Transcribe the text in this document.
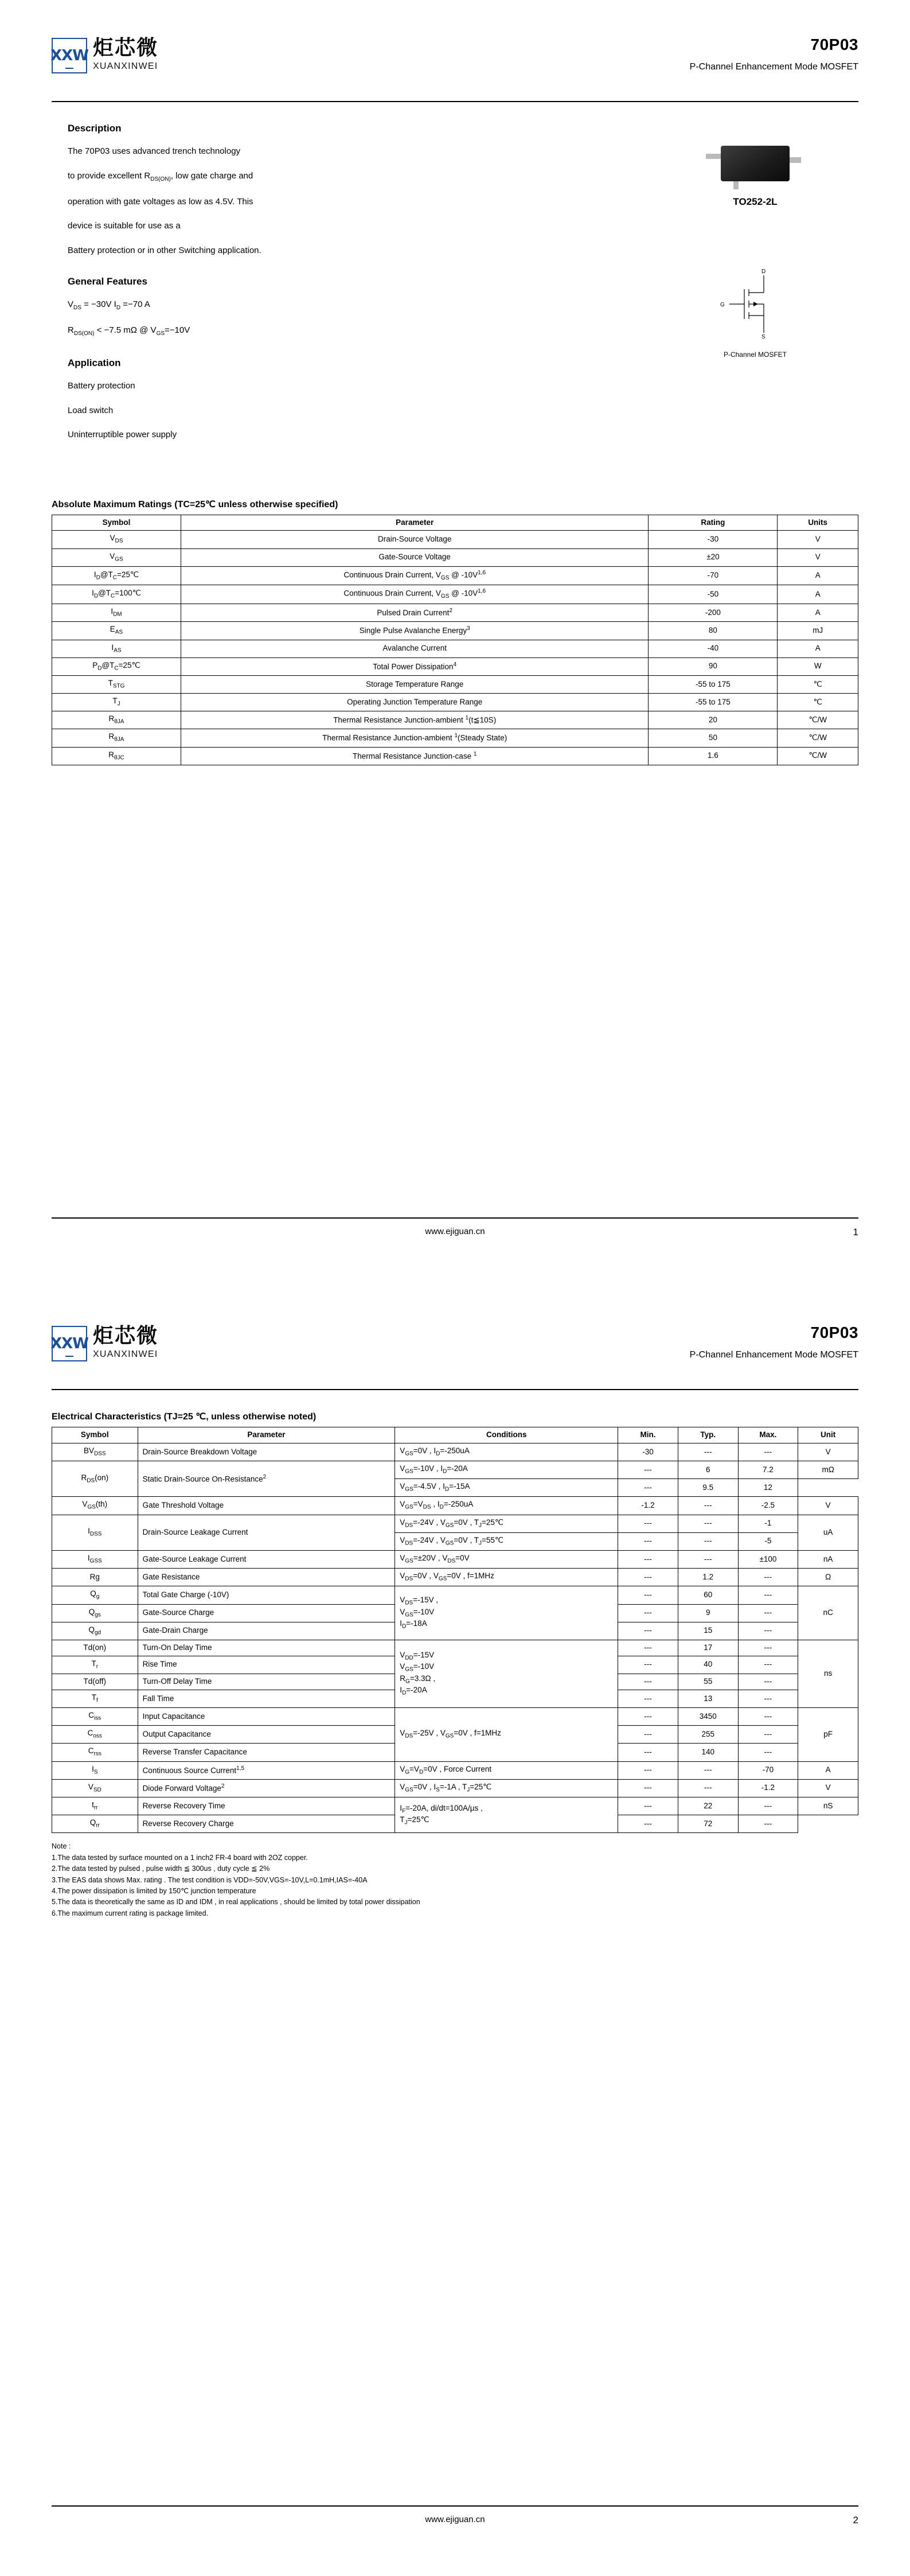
XXW 炬芯微
XUANXINWEI
70P03
P-Channel Enhancement Mode MOSFET
TO252-2L
D
G
S
P-Channel MOSFET
Description

The 70P03 uses advanced trench technology

to provide excellent $R_{DS(ON)}$, low gate charge and

operation with gate voltages as low as 4.5V. This

device is suitable for use as a

Battery protection or in other Switching application.

General Features

$V_{DS} = -30V$ $I_D =-70$ A

$R_{DS(ON)} < -7.5$ mΩ @ $V_{GS}=-10V$

Application

Battery protection

Load switch

Uninterruptible power supply

Absolute Maximum Ratings (TC=25℃ unless otherwise specified)
Symbol	Parameter	Rating	Units
$V_{DS}$	Drain-Source Voltage	-30	V
$V_{GS}$	Gate-Source Voltage	±20	V
$I_D@T_C=25℃$	Continuous Drain Current, $V_{GS}$ @ $-10V^{1,6}$	-70	A
$I_D@T_C=100℃$	Continuous Drain Current, $V_{GS}$ @ $-10V^{1,6}$	-50	A
$I_{DM}$	Pulsed Drain Current$^2$	-200	A
$E_{AS}$	Single Pulse Avalanche Energy$^3$	80	mJ
$I_{AS}$	Avalanche Current	-40	A
$P_D@T_C=25℃$	Total Power Dissipation$^4$	90	W
$T_{STG}$	Storage Temperature Range	-55 to 175	℃
$T_J$	Operating Junction Temperature Range	-55 to 175	℃
$R_{\theta JA}$	Thermal Resistance Junction-ambient $^1$(t≦10S)	20	℃/W
$R_{\theta JA}$	Thermal Resistance Junction-ambient $^1$(Steady State)	50	℃/W
$R_{\theta JC}$	Thermal Resistance Junction-case $^1$	1.6	℃/W
www.ejiguan.cn	1
XXW 炬芯微
XUANXINWEI
70P03
P-Channel Enhancement Mode MOSFET
Electrical Characteristics (TJ=25 ℃, unless otherwise noted)
Symbol	Parameter	Conditions	Min.	Typ.	Max.	Unit
$BV_{DSS}$	Drain-Source Breakdown Voltage	$V_{GS}=0V$ , $I_D=-250uA$	-30	---	---	V
$R_{DS}(on)$	Static Drain-Source On-Resistance$^2$	$V_{GS}=-10V$ , $I_D=-20A$	---	6	7.2	mΩ
		$V_{GS}=-4.5V$ , $I_D=-15A$	---	9.5	12	
$V_{GS}(th)$	Gate Threshold Voltage	$V_{GS}=V_{DS}$ , $I_D=-250uA$	-1.2	---	-2.5	V
$I_{DSS}$	Drain-Source Leakage Current	$V_{DS}=-24V$ , $V_{GS}=0V$ , $T_J=25℃$	---	---	-1	uA
		$V_{DS}=-24V$ , $V_{GS}=0V$ , $T_J=55℃$	---	---	-5	
$I_{GSS}$	Gate-Source Leakage Current	$V_{GS}=\pm 20V$ , $V_{DS}=0V$	---	---	±100	nA
Rg	Gate Resistance	$V_{DS}=0V$ , $V_{GS}=0V$ , f=1MHz	---	1.2	---	Ω
$Q_g$	Total Gate Charge (-10V)	$V_{DS}=-15V$ ,
$V_{GS}=-10V$
$I_D=-18A$	---	60	---	nC
$Q_{gs}$	Gate-Source Charge		---	9	---	
$Q_{gd}$	Gate-Drain Charge		---	15	---	
Td(on)	Turn-On Delay Time	$V_{DD}=-15V$
$V_{GS}=-10V$
$R_G=3.3\Omega$ ,
$I_D=-20A$	---	17	---	ns
$T_r$	Rise Time		---	40	---	
Td(off)	Turn-Off Delay Time		---	55	---	
$T_f$	Fall Time		---	13	---	
$C_{iss}$	Input Capacitance	$V_{DS}=-25V$ , $V_{GS}=0V$ , f=1MHz	---	3450	---	pF
$C_{oss}$	Output Capacitance		---	255	---	
$C_{rss}$	Reverse Transfer Capacitance		---	140	---	
$I_S$	Continuous Source Current$^{1,5}$	$V_G=V_D=0V$ , Force Current	---	---	-70	A
$V_{SD}$	Diode Forward Voltage$^2$	$V_{GS}=0V$ , $I_S=-1A$ , $T_J=25℃$	---	---	-1.2	V
$t_{rr}$	Reverse Recovery Time	$I_F=-20A$, di/dt=100A/µs ,
$T_J=25℃$	---	22	---	nS
$Q_{rr}$	Reverse Recovery Charge		---	72	---	
Note :
1.The data tested by surface mounted on a 1 inch2 FR-4 board with 2OZ copper.
2.The data tested by pulsed , pulse width ≦ 300us , duty cycle ≦ 2%
3.The EAS data shows Max. rating . The test condition is VDD=-50V,VGS=-10V,L=0.1mH,IAS=-40A
4.The power dissipation is limited by 150℃ junction temperature
5.The data is theoretically the same as ID and IDM , in real applications , should be limited by total power dissipation
6.The maximum current rating is package limited.
www.ejiguan.cn	2
